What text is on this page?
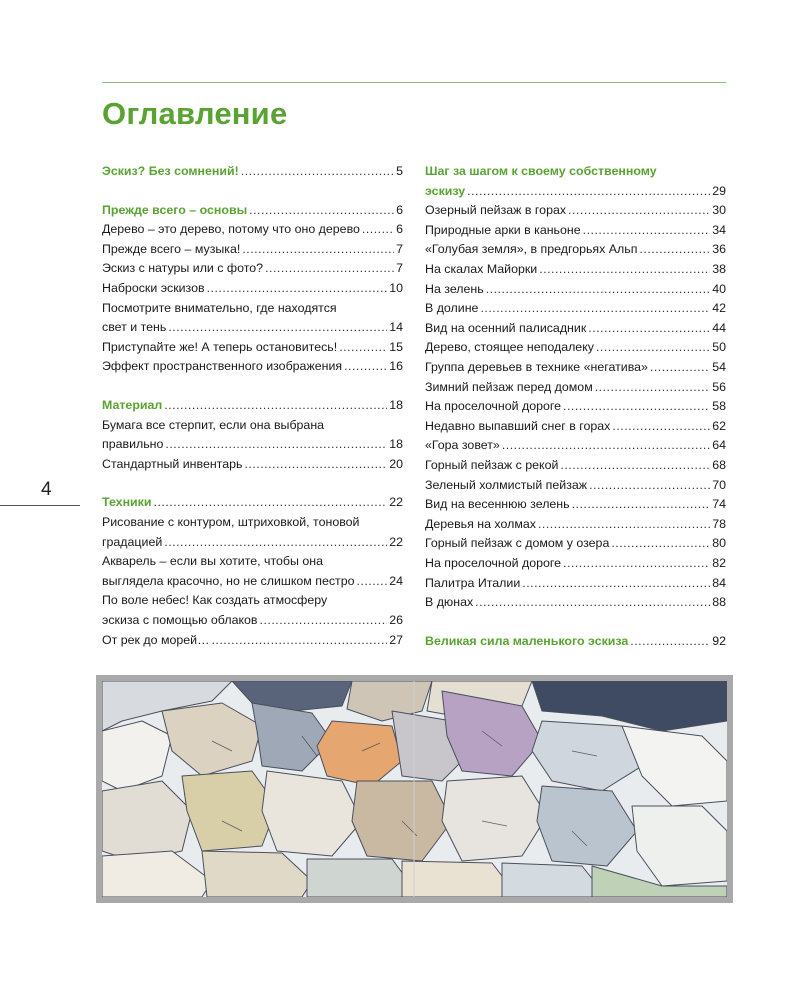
Оглавление
4
Эскиз? Без сомнений! .....	5
Прежде всего – основы .....	6
Дерево – это дерево, потому что оно дерево .....	6
Прежде всего – музыка! .....	7
Эскиз с натуры или с фото? .....	7
Наброски эскизов .....	10
Посмотрите внимательно, где находятся
свет и тень .....	14
Приступайте же! А теперь остановитесь! .....	15
Эффект пространственного изображения .....	16
Материал .....	18
Бумага все стерпит, если она выбрана
правильно .....	18
Стандартный инвентарь .....	20
Техники .....	22
Рисование с контуром, штриховкой, тоновой
градацией .....	22
Акварель – если вы хотите, чтобы она
выглядела красочно, но не слишком пестро .....	24
По воле небес! Как создать атмосферу
эскиза с помощью облаков .....	26
От рек до морей… .....	27
Шаг за шагом к своему собственному
эскизу .....	29
Озерный пейзаж в горах .....	30
Природные арки в каньоне .....	34
«Голубая земля», в предгорьях Альп .....	36
На скалах Майорки .....	38
На зелень .....	40
В долине .....	42
Вид на осенний палисадник .....	44
Дерево, стоящее неподалеку .....	50
Группа деревьев в технике «негатива» .....	54
Зимний пейзаж перед домом .....	56
На проселочной дороге .....	58
Недавно выпавший снег в горах .....	62
«Гора зовет» .....	64
Горный пейзаж с рекой .....	68
Зеленый холмистый пейзаж .....	70
Вид на весеннюю зелень .....	74
Деревья на холмах .....	78
Горный пейзаж с домом у озера .....	80
На проселочной дороге .....	82
Палитра Италии .....	84
В дюнах .....	88
Великая сила маленького эскиза .....	92
